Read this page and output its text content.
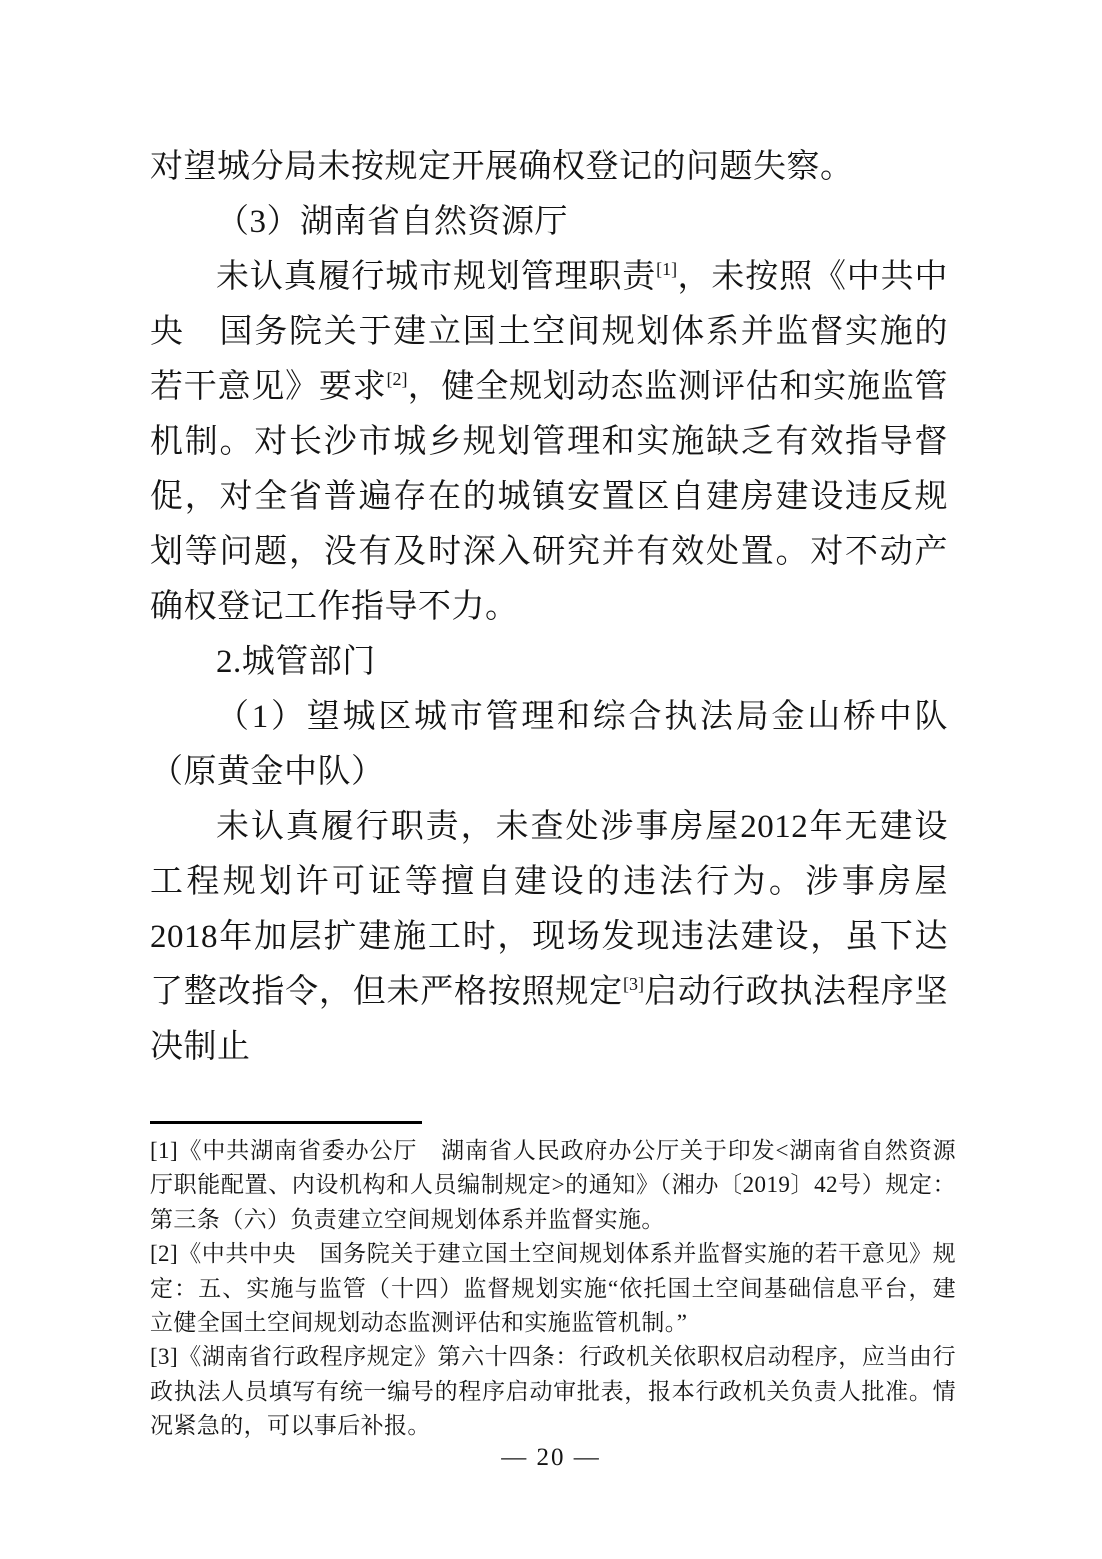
对望城分局未按规定开展确权登记的问题失察。

（3）湖南省自然资源厅

未认真履行城市规划管理职责[1]，未按照《中共中央　国务院关于建立国土空间规划体系并监督实施的若干意见》要求[2]，健全规划动态监测评估和实施监管机制。对长沙市城乡规划管理和实施缺乏有效指导督促，对全省普遍存在的城镇安置区自建房建设违反规划等问题，没有及时深入研究并有效处置。对不动产确权登记工作指导不力。

2.城管部门

（1）望城区城市管理和综合执法局金山桥中队（原黄金中队）

未认真履行职责，未查处涉事房屋2012年无建设工程规划许可证等擅自建设的违法行为。涉事房屋2018年加层扩建施工时，现场发现违法建设，虽下达了整改指令，但未严格按照规定[3]启动行政执法程序坚决制止

[1]《中共湖南省委办公厅　湖南省人民政府办公厅关于印发<湖南省自然资源厅职能配置、内设机构和人员编制规定>的通知》（湘办〔2019〕42号）规定：第三条（六）负责建立空间规划体系并监督实施。

[2]《中共中央　国务院关于建立国土空间规划体系并监督实施的若干意见》规定：五、实施与监管（十四）监督规划实施“依托国土空间基础信息平台，建立健全国土空间规划动态监测评估和实施监管机制。”

[3]《湖南省行政程序规定》第六十四条：行政机关依职权启动程序，应当由行政执法人员填写有统一编号的程序启动审批表，报本行政机关负责人批准。情况紧急的，可以事后补报。

— 20 —
